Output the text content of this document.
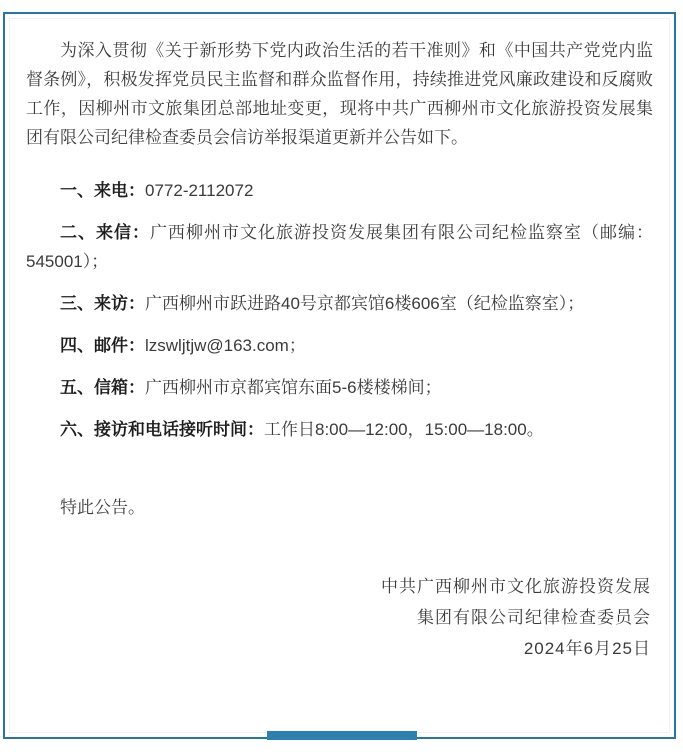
为深入贯彻《关于新形势下党内政治生活的若干准则》和《中国共产党党内监督条例》，积极发挥党员民主监督和群众监督作用，持续推进党风廉政建设和反腐败工作，因柳州市文旅集团总部地址变更，现将中共广西柳州市文化旅游投资发展集团有限公司纪律检查委员会信访举报渠道更新并公告如下。

一、来电：0772-2112072

二、来信：广西柳州市文化旅游投资发展集团有限公司纪检监察室（邮编：545001）；

三、来访：广西柳州市跃进路40号京都宾馆6楼606室（纪检监察室）；

四、邮件：lzswljtjw@163.com；

五、信箱：广西柳州市京都宾馆东面5-6楼楼梯间；

六、接访和电话接听时间：工作日8:00—12:00，15:00—18:00。

特此公告。

中共广西柳州市文化旅游投资发展
集团有限公司纪律检查委员会
2024年6月25日
